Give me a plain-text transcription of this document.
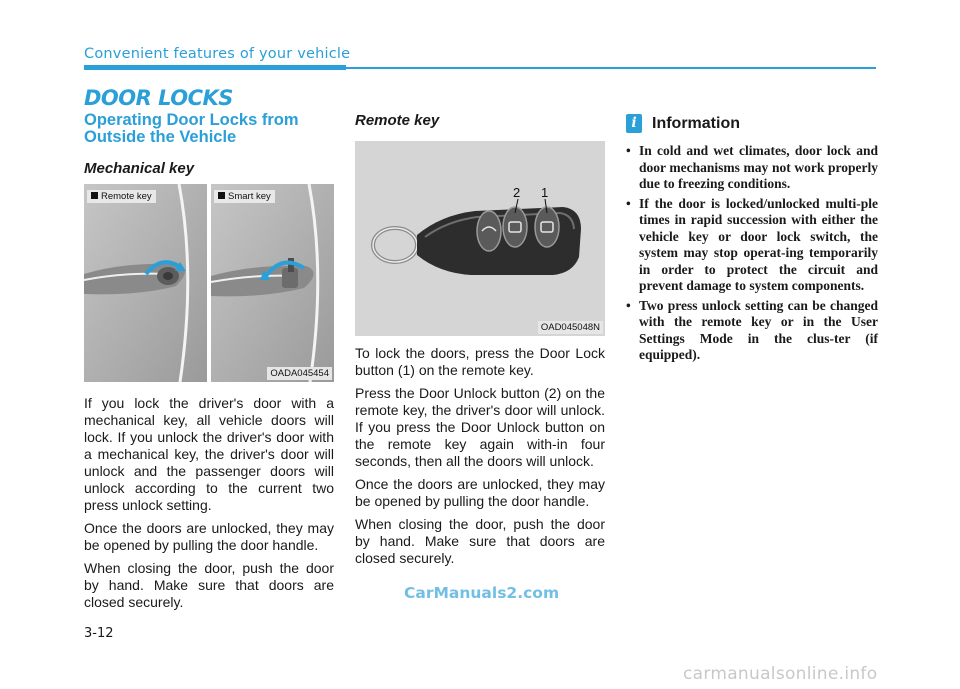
Convenient features of your vehicle
DOOR LOCKS
Operating Door Locks from Outside the Vehicle
Mechanical key
Remote key	Smart key
OADA045454

If you lock the driver's door with a mechanical key, all vehicle doors will lock. If you unlock the driver's door with a mechanical key, the driver's door will unlock and the passenger doors will unlock according to the current two press unlock setting.

Once the doors are unlocked, they may be opened by pulling the door handle.

When closing the door, push the door by hand. Make sure that doors are closed securely.

Remote key
2 1
OAD045048N

To lock the doors, press the Door Lock button (1) on the remote key.

Press the Door Unlock button (2) on the remote key, the driver's door will unlock. If you press the Door Unlock button on the remote key again with-in four seconds, then all the doors will unlock.

Once the doors are unlocked, they may be opened by pulling the door handle.

When closing the door, push the door by hand. Make sure that doors are closed securely.

i Information
• In cold and wet climates, door lock and door mechanisms may not work properly due to freezing conditions.
• If the door is locked/unlocked multi-ple times in rapid succession with either the vehicle key or door lock switch, the system may stop operat-ing temporarily in order to protect the circuit and prevent damage to system components.
• Two press unlock setting can be changed with the remote key or in the User Settings Mode in the clus-ter (if equipped).
CarManuals2.com
3-12
carmanualsonline.info
